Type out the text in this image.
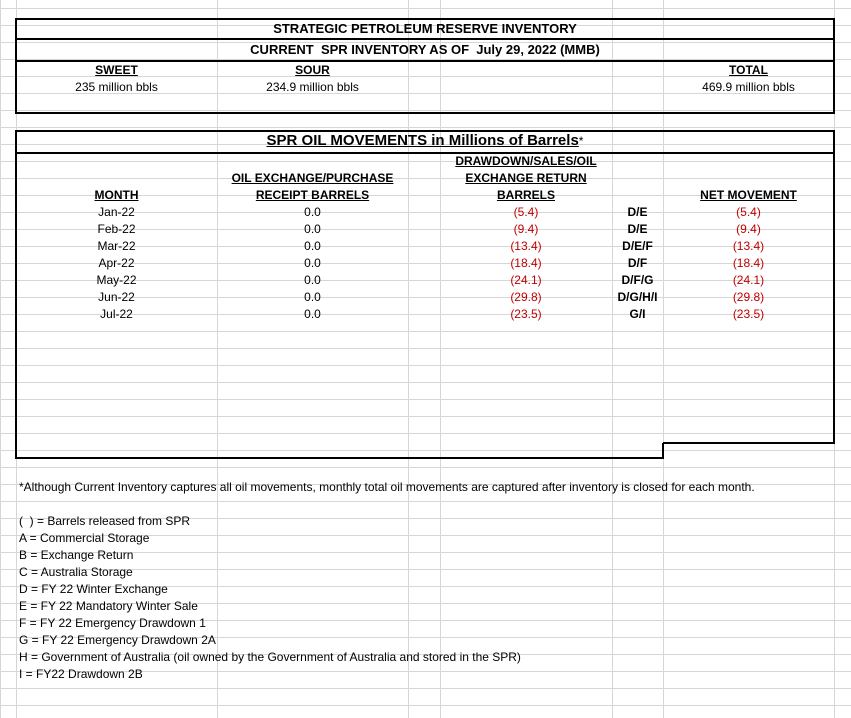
STRATEGIC PETROLEUM RESERVE INVENTORY
CURRENT  SPR INVENTORY AS OF  July 29, 2022 (MMB)
SWEET	SOUR	TOTAL
235 million bbls	234.9 million bbls	469.9 million bbls
SPR OIL MOVEMENTS in Millions of Barrels*
MONTH
OIL EXCHANGE/PURCHASE
RECEIPT BARRELS
DRAWDOWN/SALES/OIL
EXCHANGE RETURN
BARRELS	NET MOVEMENT
Jan-22	0.0	(5.4)	D/E	(5.4)
Feb-22	0.0	(9.4)	D/E	(9.4)
Mar-22	0.0	(13.4)	D/E/F	(13.4)
Apr-22	0.0	(18.4)	D/F	(18.4)
May-22	0.0	(24.1)	D/F/G	(24.1)
Jun-22	0.0	(29.8)	D/G/H/I	(29.8)
Jul-22	0.0	(23.5)	G/I	(23.5)
*Although Current Inventory captures all oil movements, monthly total oil movements are captured after inventory is closed for each month.
(  ) = Barrels released from SPR
A = Commercial Storage
B = Exchange Return
C = Australia Storage
D = FY 22 Winter Exchange
E = FY 22 Mandatory Winter Sale
F = FY 22 Emergency Drawdown 1
G = FY 22 Emergency Drawdown 2A
H = Government of Australia (oil owned by the Government of Australia and stored in the SPR)
I = FY22 Drawdown 2B
